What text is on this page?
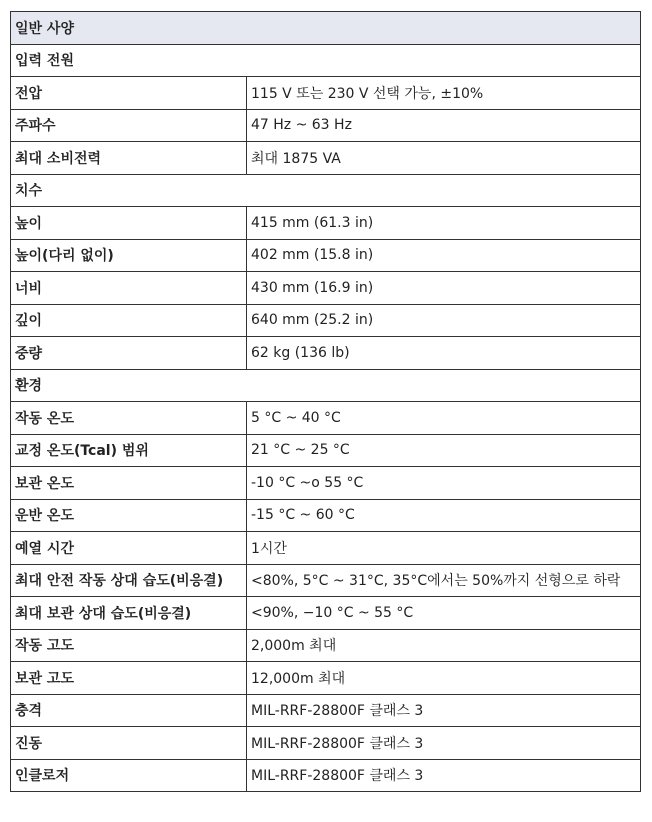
일반 사양	
입력 전원	
전압	115 V 또는 230 V 선택 가능, ±10%
주파수	47 Hz ~ 63 Hz
최대 소비전력	최대 1875 VA
치수	
높이	415 mm (61.3 in)
높이(다리 없이)	402 mm (15.8 in)
너비	430 mm (16.9 in)
깊이	640 mm (25.2 in)
중량	62 kg (136 lb)
환경	
작동 온도	5 °C ~ 40 °C
교정 온도(Tcal) 범위	21 °C ~ 25 °C
보관 온도	-10 °C ~o 55 °C
운반 온도	-15 °C ~ 60 °C
예열 시간	1시간
최대 안전 작동 상대 습도(비응결)	<80%, 5°C ~ 31°C, 35°C에서는 50%까지 선형으로 하락
최대 보관 상대 습도(비응결)	<90%, −10 °C ~ 55 °C
작동 고도	2,000m 최대
보관 고도	12,000m 최대
충격	MIL-RRF-28800F 클래스 3
진동	MIL-RRF-28800F 클래스 3
인클로저	MIL-RRF-28800F 클래스 3
